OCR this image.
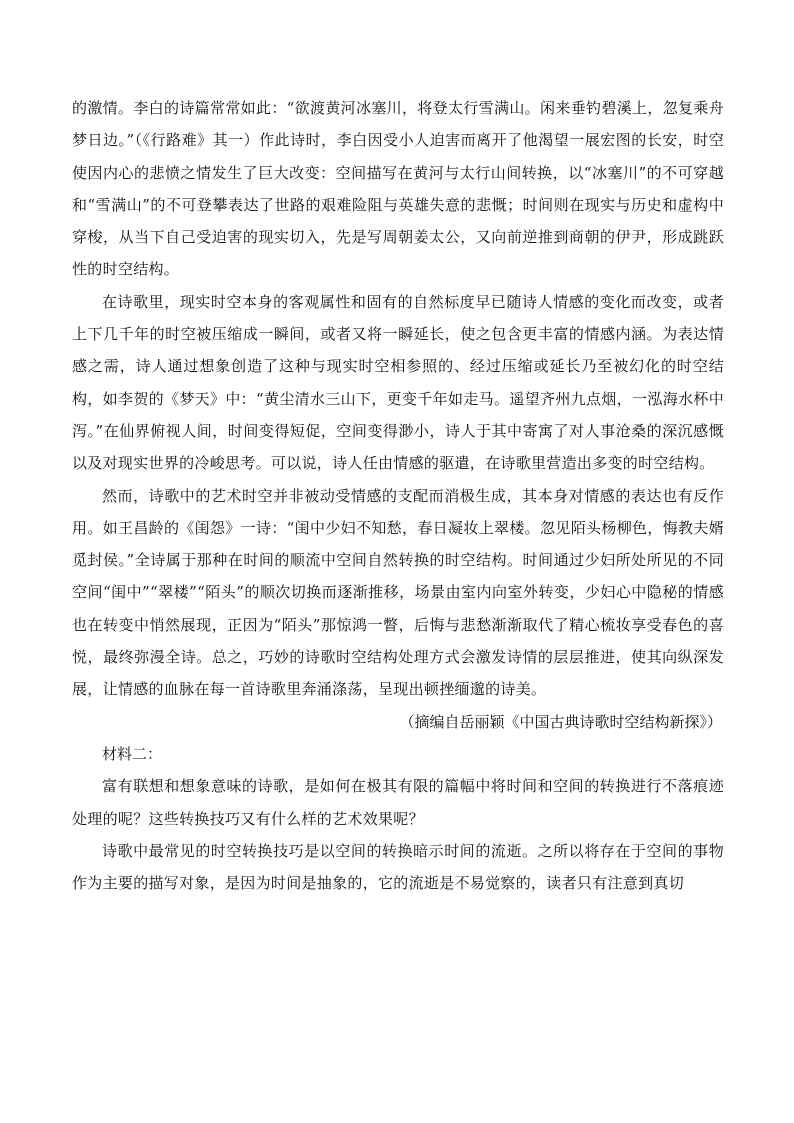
的激情。李白的诗篇常常如此：“欲渡黄河冰塞川，将登太行雪满山。闲来垂钓碧溪上，忽复乘舟梦日边。”（《行路难》其一）作此诗时，李白因受小人迫害而离开了他渴望一展宏图的长安，时空使因内心的悲愤之情发生了巨大改变：空间描写在黄河与太行山间转换，以“冰塞川”的不可穿越和“雪满山”的不可登攀表达了世路的艰难险阻与英雄失意的悲慨；时间则在现实与历史和虚构中穿梭，从当下自己受迫害的现实切入，先是写周朝姜太公，又向前逆推到商朝的伊尹，形成跳跃性的时空结构。

在诗歌里，现实时空本身的客观属性和固有的自然标度早已随诗人情感的变化而改变，或者上下几千年的时空被压缩成一瞬间，或者又将一瞬延长，使之包含更丰富的情感内涵。为表达情感之需，诗人通过想象创造了这种与现实时空相参照的、经过压缩或延长乃至被幻化的时空结构，如李贺的《梦天》中：“黄尘清水三山下，更变千年如走马。遥望齐州九点烟，一泓海水杯中泻。”在仙界俯视人间，时间变得短促，空间变得渺小，诗人于其中寄寓了对人事沧桑的深沉感慨以及对现实世界的冷峻思考。可以说，诗人任由情感的驱遣，在诗歌里营造出多变的时空结构。

然而，诗歌中的艺术时空并非被动受情感的支配而消极生成，其本身对情感的表达也有反作用。如王昌龄的《闺怨》一诗：“闺中少妇不知愁，春日凝妆上翠楼。忽见陌头杨柳色，悔教夫婿觅封侯。”全诗属于那种在时间的顺流中空间自然转换的时空结构。时间通过少妇所处所见的不同空间“闺中”“翠楼”“陌头”的顺次切换而逐渐推移，场景由室内向室外转变，少妇心中隐秘的情感也在转变中悄然展现，正因为“陌头”那惊鸿一瞥，后悔与悲愁渐渐取代了精心梳妆享受春色的喜悦，最终弥漫全诗。总之，巧妙的诗歌时空结构处理方式会激发诗情的层层推进，使其向纵深发展，让情感的血脉在每一首诗歌里奔涌涤荡，呈现出顿挫缅邈的诗美。

（摘编自岳丽颖《中国古典诗歌时空结构新探》）

材料二：

富有联想和想象意味的诗歌，是如何在极其有限的篇幅中将时间和空间的转换进行不落痕迹处理的呢？这些转换技巧又有什么样的艺术效果呢？

诗歌中最常见的时空转换技巧是以空间的转换暗示时间的流逝。之所以将存在于空间的事物作为主要的描写对象，是因为时间是抽象的，它的流逝是不易觉察的，读者只有注意到真切
